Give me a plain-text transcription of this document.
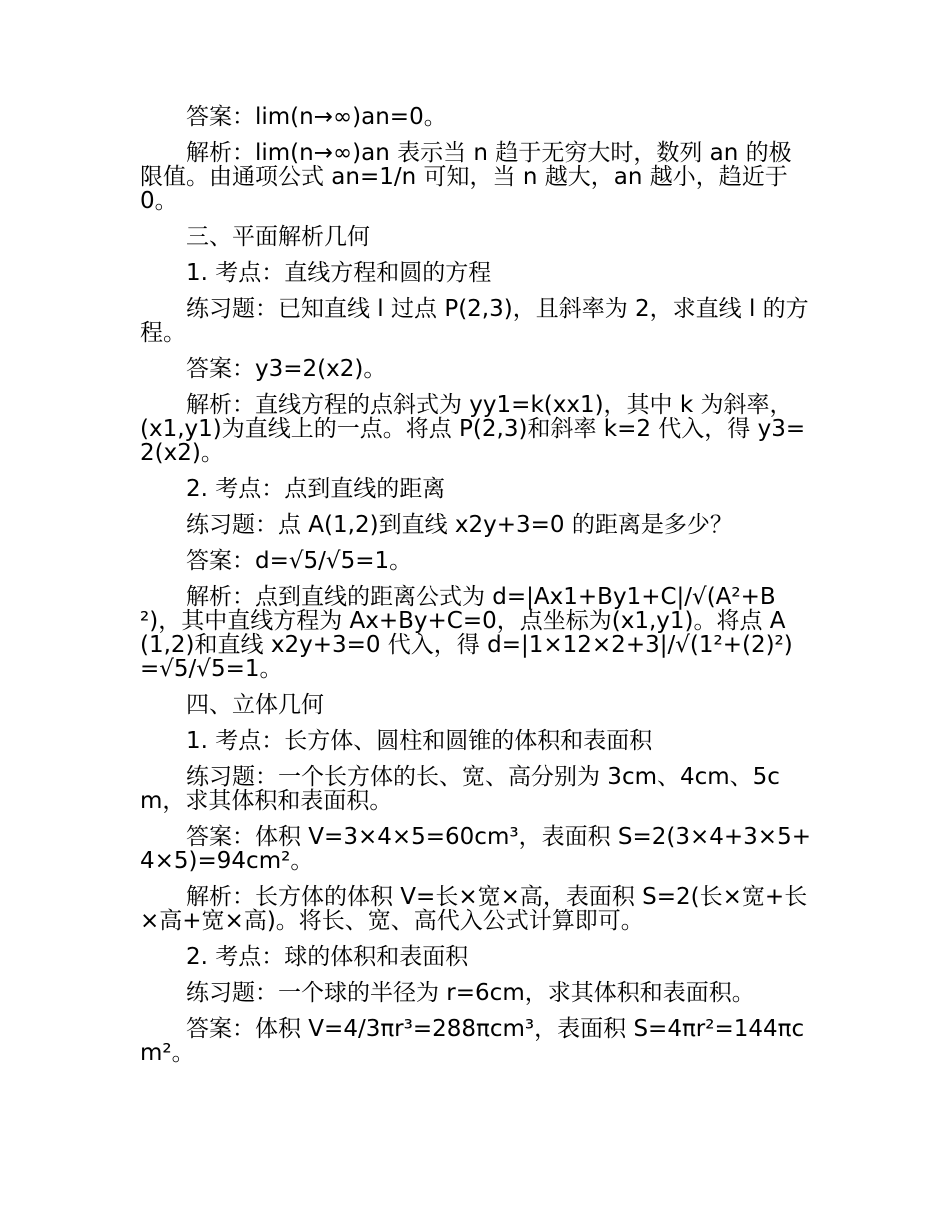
答案：lim(n→∞)an=0。

解析：lim(n→∞)an 表示当 n 趋于无穷大时，数列 an 的极限值。由通项公式 an=1/n 可知，当 n 越大，an 越小，趋近于 0。

三、平面解析几何

1. 考点：直线方程和圆的方程

练习题：已知直线 l 过点 P(2,3)，且斜率为 2，求直线 l 的方程。

答案：y3=2(x2)。

解析：直线方程的点斜式为 yy1=k(xx1)，其中 k 为斜率，(x1,y1)为直线上的一点。将点 P(2,3)和斜率 k=2 代入，得 y3=2(x2)。

2. 考点：点到直线的距离

练习题：点 A(1,2)到直线 x2y+3=0 的距离是多少？

答案：d=√5/√5=1。

解析：点到直线的距离公式为 d=|Ax1+By1+C|/√(A²+B²)，其中直线方程为 Ax+By+C=0，点坐标为(x1,y1)。将点 A(1,2)和直线 x2y+3=0 代入，得 d=|1×12×2+3|/√(1²+(2)²)=√5/√5=1。

四、立体几何

1. 考点：长方体、圆柱和圆锥的体积和表面积

练习题：一个长方体的长、宽、高分别为 3cm、4cm、5cm，求其体积和表面积。

答案：体积 V=3×4×5=60cm³，表面积 S=2(3×4+3×5+4×5)=94cm²。

解析：长方体的体积 V=长×宽×高，表面积 S=2(长×宽+长×高+宽×高)。将长、宽、高代入公式计算即可。

2. 考点：球的体积和表面积

练习题：一个球的半径为 r=6cm，求其体积和表面积。

答案：体积 V=4/3πr³=288πcm³，表面积 S=4πr²=144πcm²。
